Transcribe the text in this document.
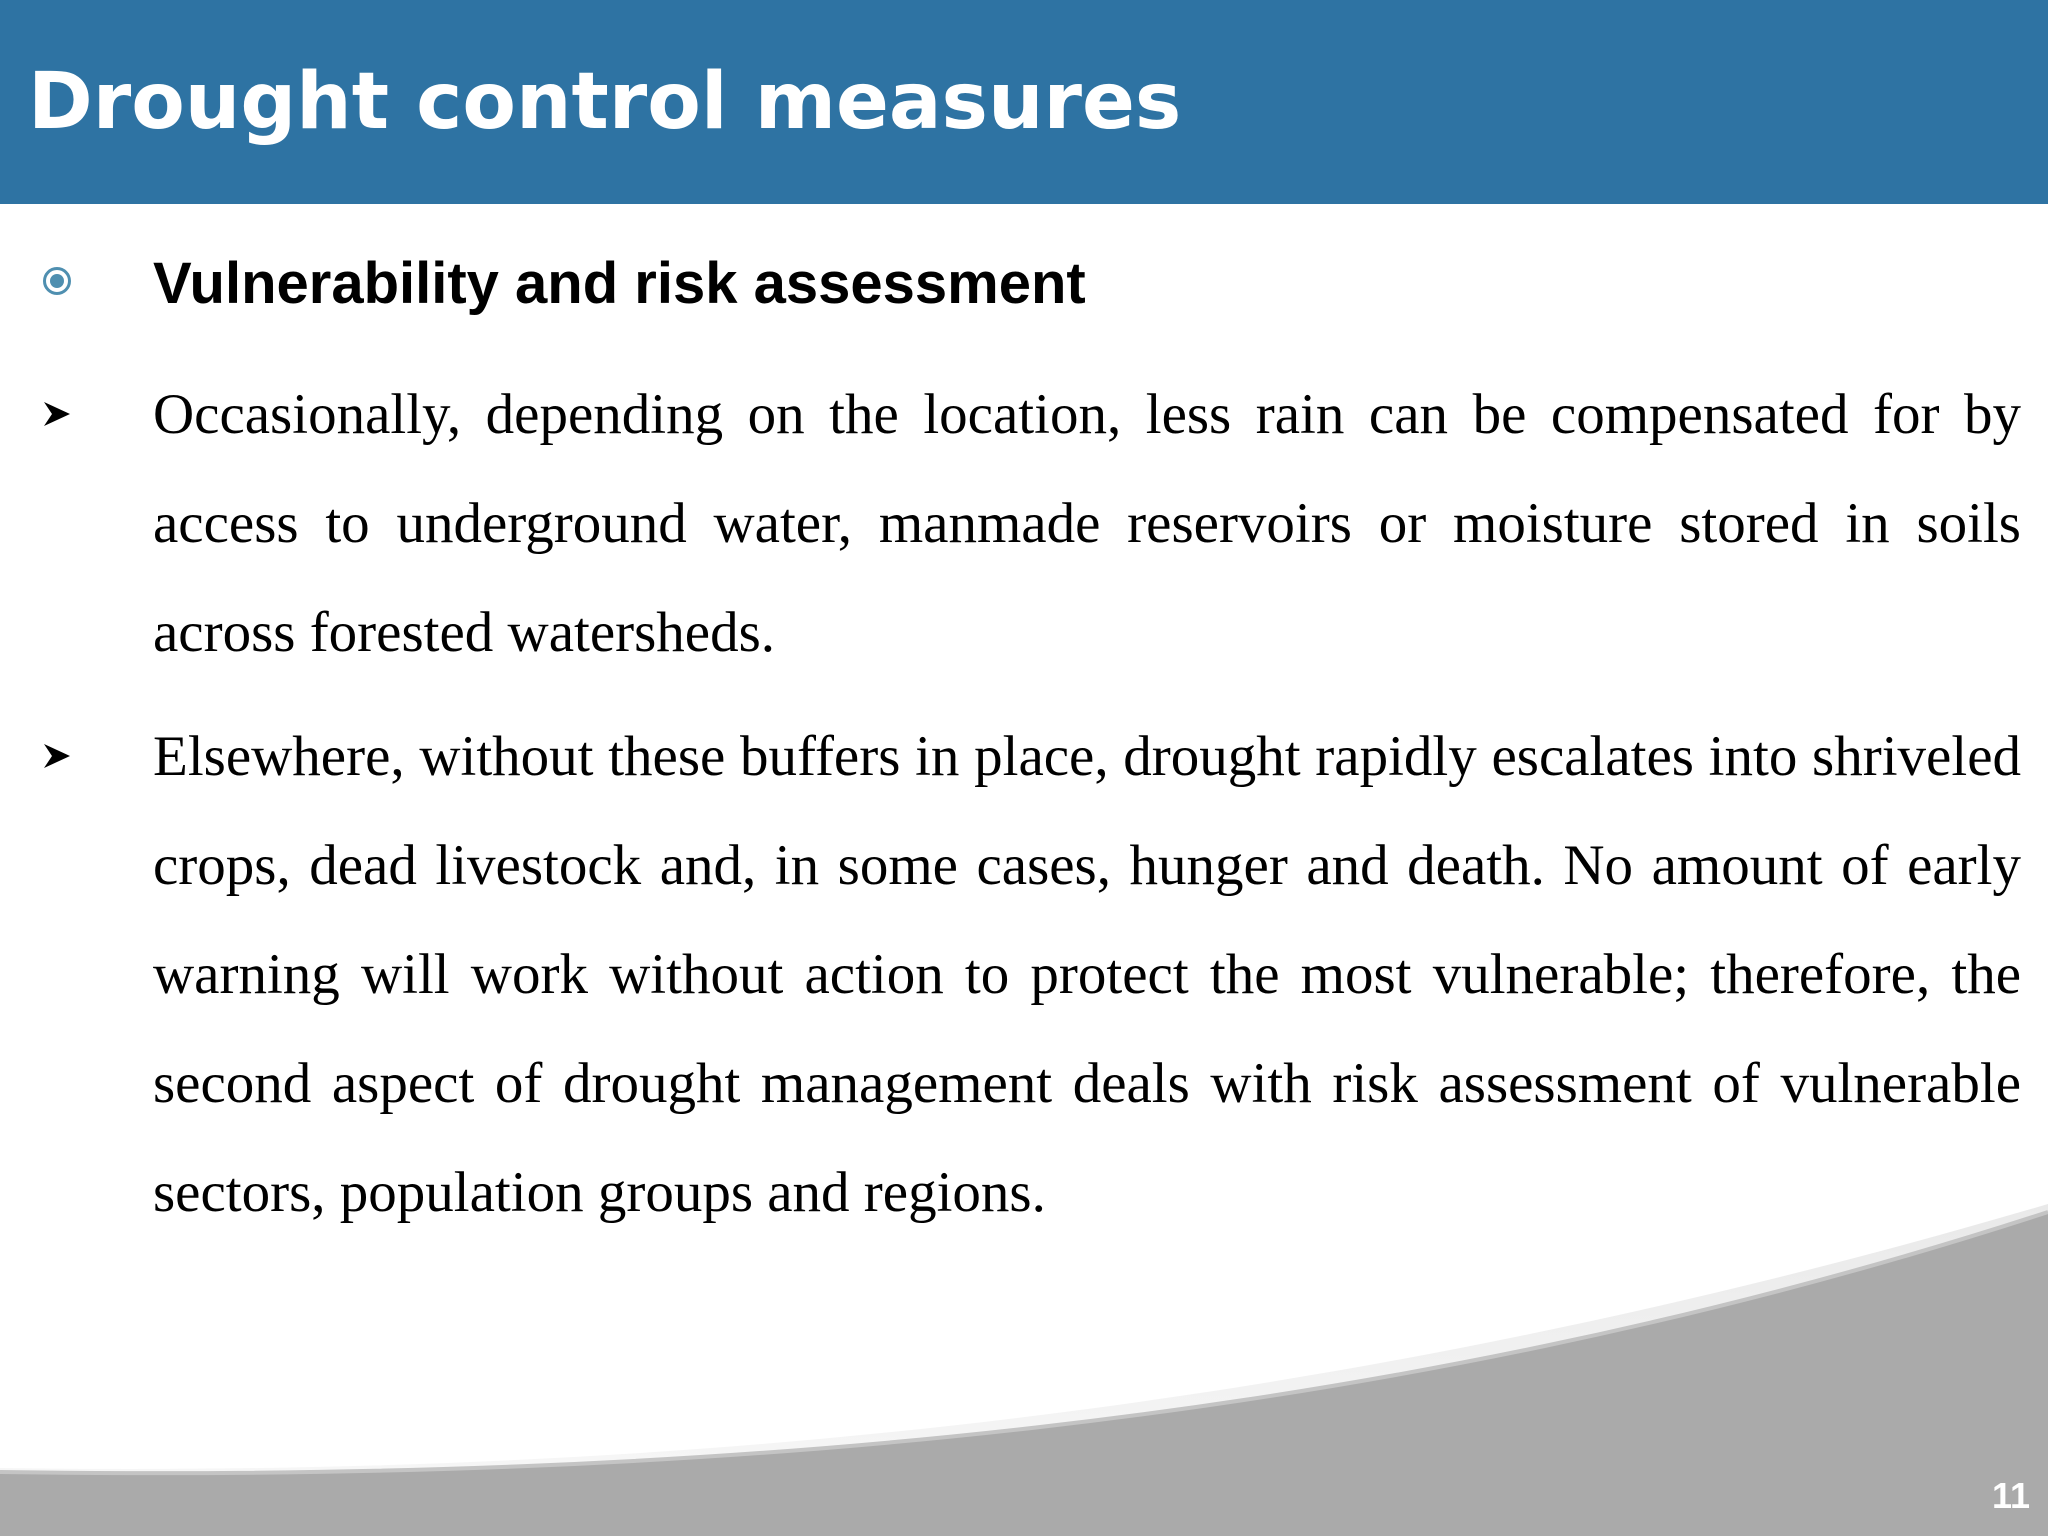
Drought control measures
Vulnerability and risk assessment

Occasionally, depending on the location, less rain can be compensated for by access to underground water, manmade reservoirs or moisture stored in soils across forested watersheds.

Elsewhere, without these buffers in place, drought rapidly escalates into shriveled crops, dead livestock and, in some cases, hunger and death. No amount of early warning will work without action to protect the most vulnerable; therefore, the second aspect of drought management deals with risk assessment of vulnerable sectors, population groups and regions.

11
